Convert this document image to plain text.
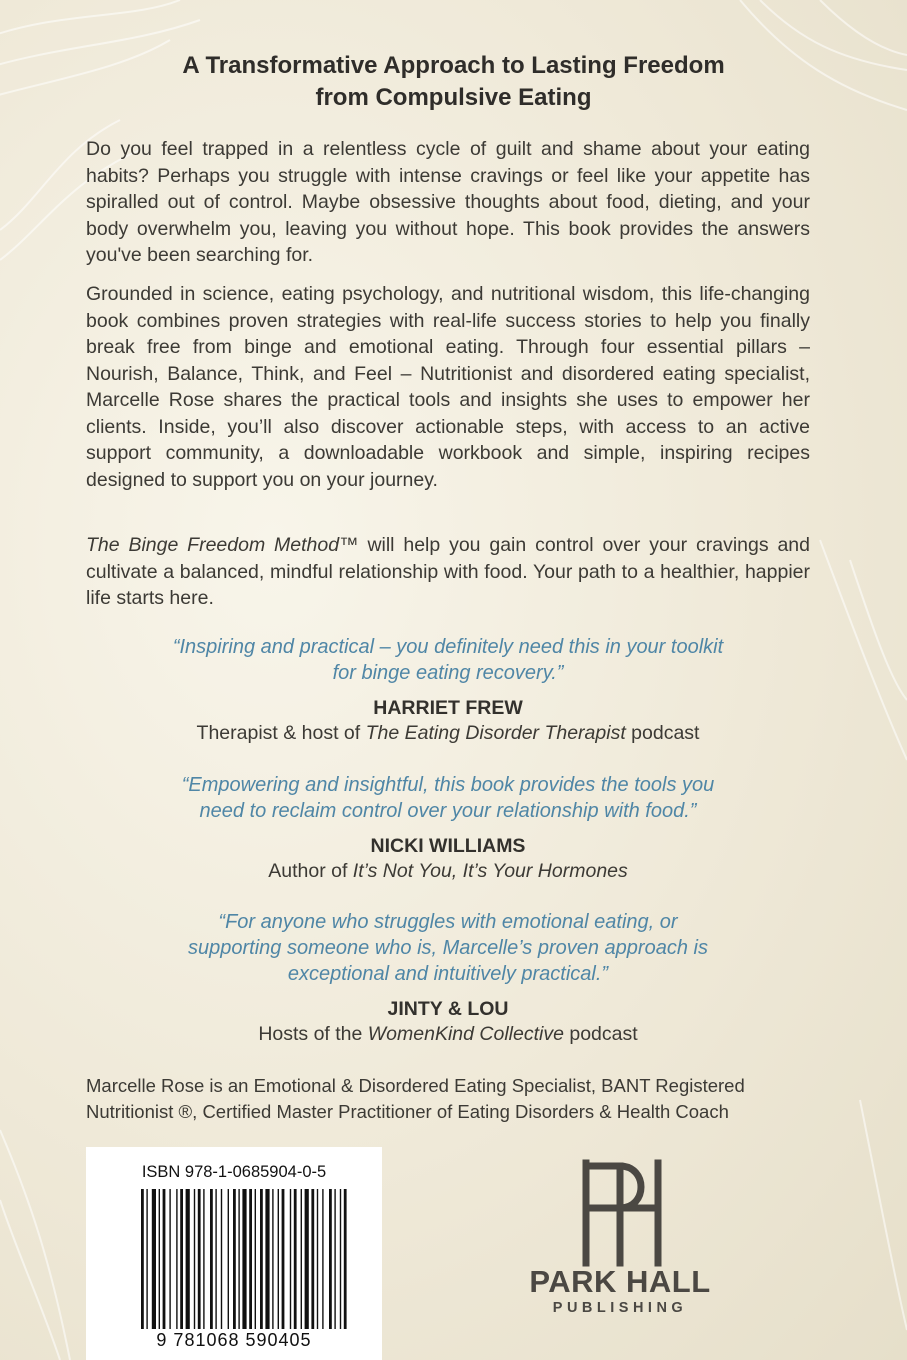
A Transformative Approach to Lasting Freedom
from Compulsive Eating

Do you feel trapped in a relentless cycle of guilt and shame about your eating habits? Perhaps you struggle with intense cravings or feel like your appetite has spiralled out of control. Maybe obsessive thoughts about food, dieting, and your body overwhelm you, leaving you without hope. This book provides the answers you've been searching for.

Grounded in science, eating psychology, and nutritional wisdom, this life-changing book combines proven strategies with real-life success stories to help you finally break free from binge and emotional eating. Through four essential pillars – Nourish, Balance, Think, and Feel – Nutritionist and disordered eating specialist, Marcelle Rose shares the practical tools and insights she uses to empower her clients. Inside, you’ll also discover actionable steps, with access to an active support community, a downloadable workbook and simple, inspiring recipes designed to support you on your journey.

The Binge Freedom Method™ will help you gain control over your cravings and cultivate a balanced, mindful relationship with food. Your path to a healthier, happier life starts here.

“Inspiring and practical – you definitely need this in your toolkit
for binge eating recovery.”

HARRIET FREW
Therapist & host of The Eating Disorder Therapist podcast

“Empowering and insightful, this book provides the tools you
need to reclaim control over your relationship with food.”

NICKI WILLIAMS
Author of It’s Not You, It’s Your Hormones

“For anyone who struggles with emotional eating, or
supporting someone who is, Marcelle’s proven approach is
exceptional and intuitively practical.”

JINTY & LOU
Hosts of the WomenKind Collective podcast

Marcelle Rose is an Emotional & Disordered Eating Specialist, BANT Registered
Nutritionist ®, Certified Master Practitioner of Eating Disorders & Health Coach

ISBN 978-1-0685904-0-5
9 781068 590405
PARK HALL
PUBLISHING
